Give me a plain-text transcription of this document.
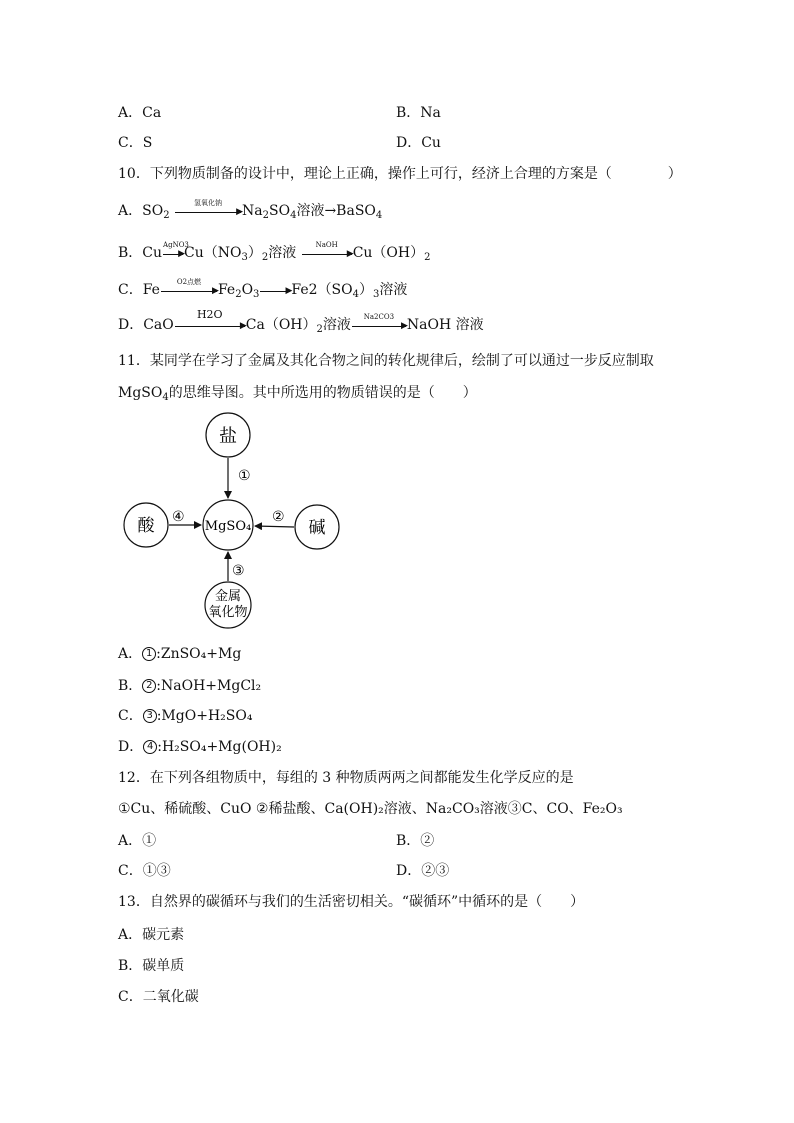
A．Ca	B．Na
C．S	D．Cu
10．下列物质制备的设计中，理论上正确，操作上可行，经济上合理的方案是（　　　　）
A．$SO_2$
氢氧化钠
▶ $Na_2SO_4$溶液→BaSO$_4$
B．Cu
AgNO3
▶ $Cu(NO_3)_2$溶液
NaOH
▶ $Cu(OH)_2$
C．Fe
O2点燃
▶ $Fe_2O_3$	▶ $Fe2(SO_4)_3$溶液
D．CaO
H2O
▶ $Ca(OH)_2$溶液
Na2CO3
▶ NaOH 溶液
11．某同学在学习了金属及其化合物之间的转化规律后，绘制了可以通过一步反应制取
MgSO$_4$的思维导图。其中所选用的物质错误的是（　　）
盐
酸	MgSO₄	碱
金属
氧化物
①
④	②
③
A． 1 :ZnSO₄+Mg
B． 2 :NaOH+MgCl₂
C． 3 :MgO+H₂SO₄
D． 4 :H₂SO₄+Mg(OH)₂
12．在下列各组物质中，每组的 3 种物质两两之间都能发生化学反应的是
①Cu、稀硫酸、CuO ②稀盐酸、Ca(OH)₂溶液、Na₂CO₃溶液③C、CO、Fe₂O₃
A．①	B．②
C．①③	D．②③
13．自然界的碳循环与我们的生活密切相关。“碳循环”中循环的是（　　）
A．碳元素
B．碳单质
C．二氧化碳
